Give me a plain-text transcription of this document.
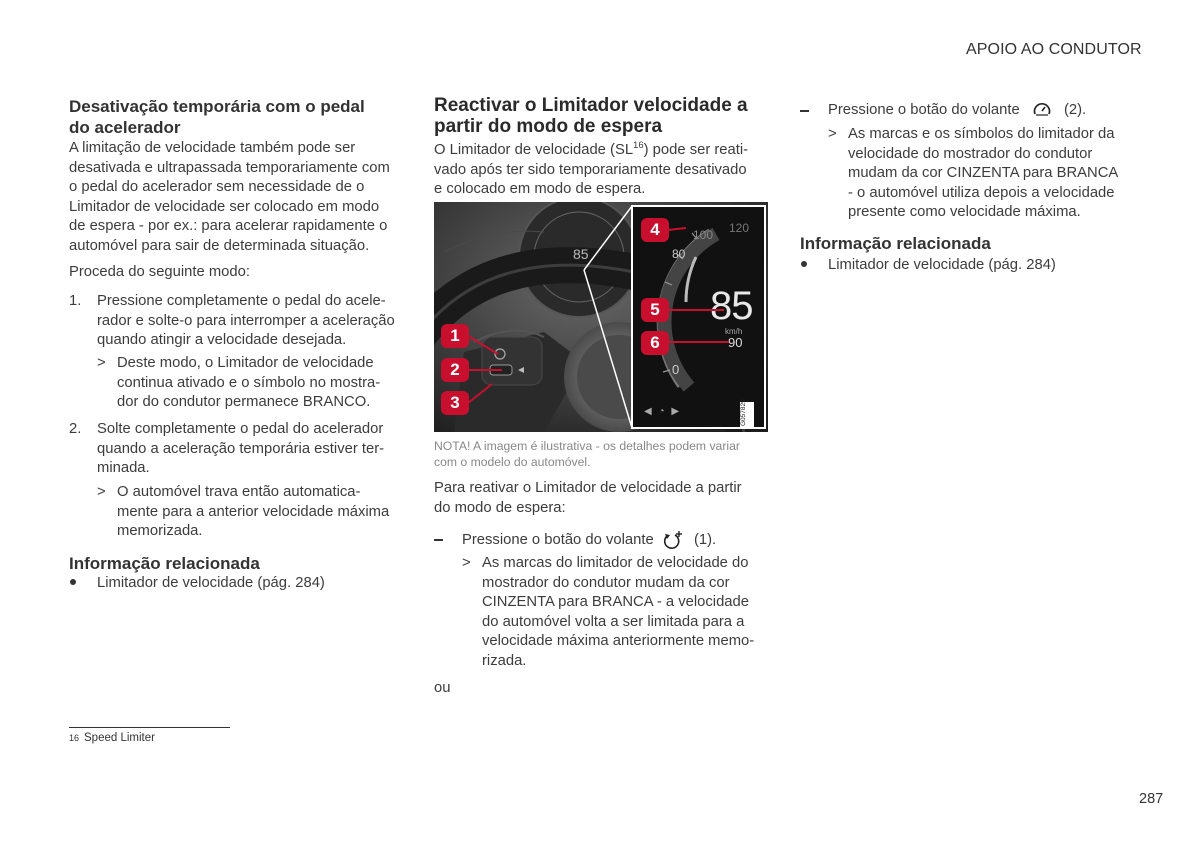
APOIO AO CONDUTOR
Desativação temporária com o pedal
do acelerador
A limitação de velocidade também pode ser
desativada e ultrapassada temporariamente com
o pedal do acelerador sem necessidade de o
Limitador de velocidade ser colocado em modo
de espera - por ex.: para acelerar rapidamente o
automóvel para sair de determinada situação.
Proceda do seguinte modo:
1. Pressione completamente o pedal do acele-
rador e solte-o para interromper a aceleração
quando atingir a velocidade desejada.
> Deste modo, o Limitador de velocidade
continua ativado e o símbolo no mostra-
dor do condutor permanece BRANCO.
2. Solte completamente o pedal do acelerador
quando a aceleração temporária estiver ter-
minada.
> O automóvel trava então automatica-
mente para a anterior velocidade máxima
memorizada.
Informação relacionada
Limitador de velocidade (pág. 284)
Reactivar o Limitador velocidade a
partir do modo de espera
O Limitador de velocidade (SL$^{16}$) pode ser reati-
vado após ter sido temporariamente desativado
e colocado em modo de espera.
85
85
km/h
0
80
90
100 120
◀ ◔ ▶	G057829
1
2
3
4
5
6
NOTA! A imagem é ilustrativa - os detalhes podem variar
com o modelo do automóvel.
Para reativar o Limitador de velocidade a partir
do modo de espera:
Pressione o botão do volante	(1).
> As marcas do limitador de velocidade do
mostrador do condutor mudam da cor
CINZENTA para BRANCA - a velocidade
do automóvel volta a ser limitada para a
velocidade máxima anteriormente memo-
rizada.
ou
Pressione o botão do volante	(2).
> As marcas e os símbolos do limitador da
velocidade do mostrador do condutor
mudam da cor CINZENTA para BRANCA
- o automóvel utiliza depois a velocidade
presente como velocidade máxima.
Informação relacionada
Limitador de velocidade (pág. 284)
16 Speed Limiter
287
